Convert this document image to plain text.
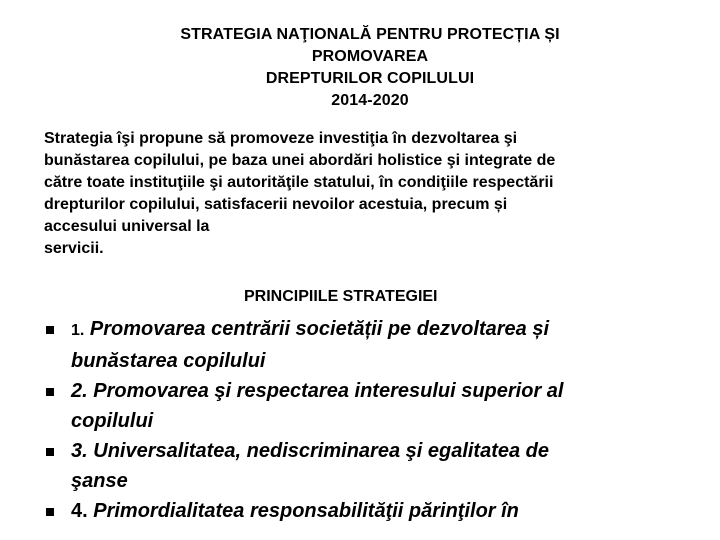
STRATEGIA NAŢIONALĂ PENTRU PROTECȚIA ȘI
PROMOVAREA
DREPTURILOR COPILULUI
2014-2020
Strategia îşi propune să promoveze investiţia în dezvoltarea şi
bunăstarea copilului, pe baza unei abordări holistice şi integrate de
către toate instituţiile şi autorităţile statului, în condiţiile respectării
drepturilor copilului, satisfacerii nevoilor acestuia, precum și
accesului universal la
servicii.
PRINCIPIILE STRATEGIEI
1. Promovarea centrării societății pe dezvoltarea și
bunăstarea copilului
2. Promovarea şi respectarea interesului superior al
copilului
3. Universalitatea, nediscriminarea şi egalitatea de
şanse
4. Primordialitatea responsabilităţii părinţilor în
